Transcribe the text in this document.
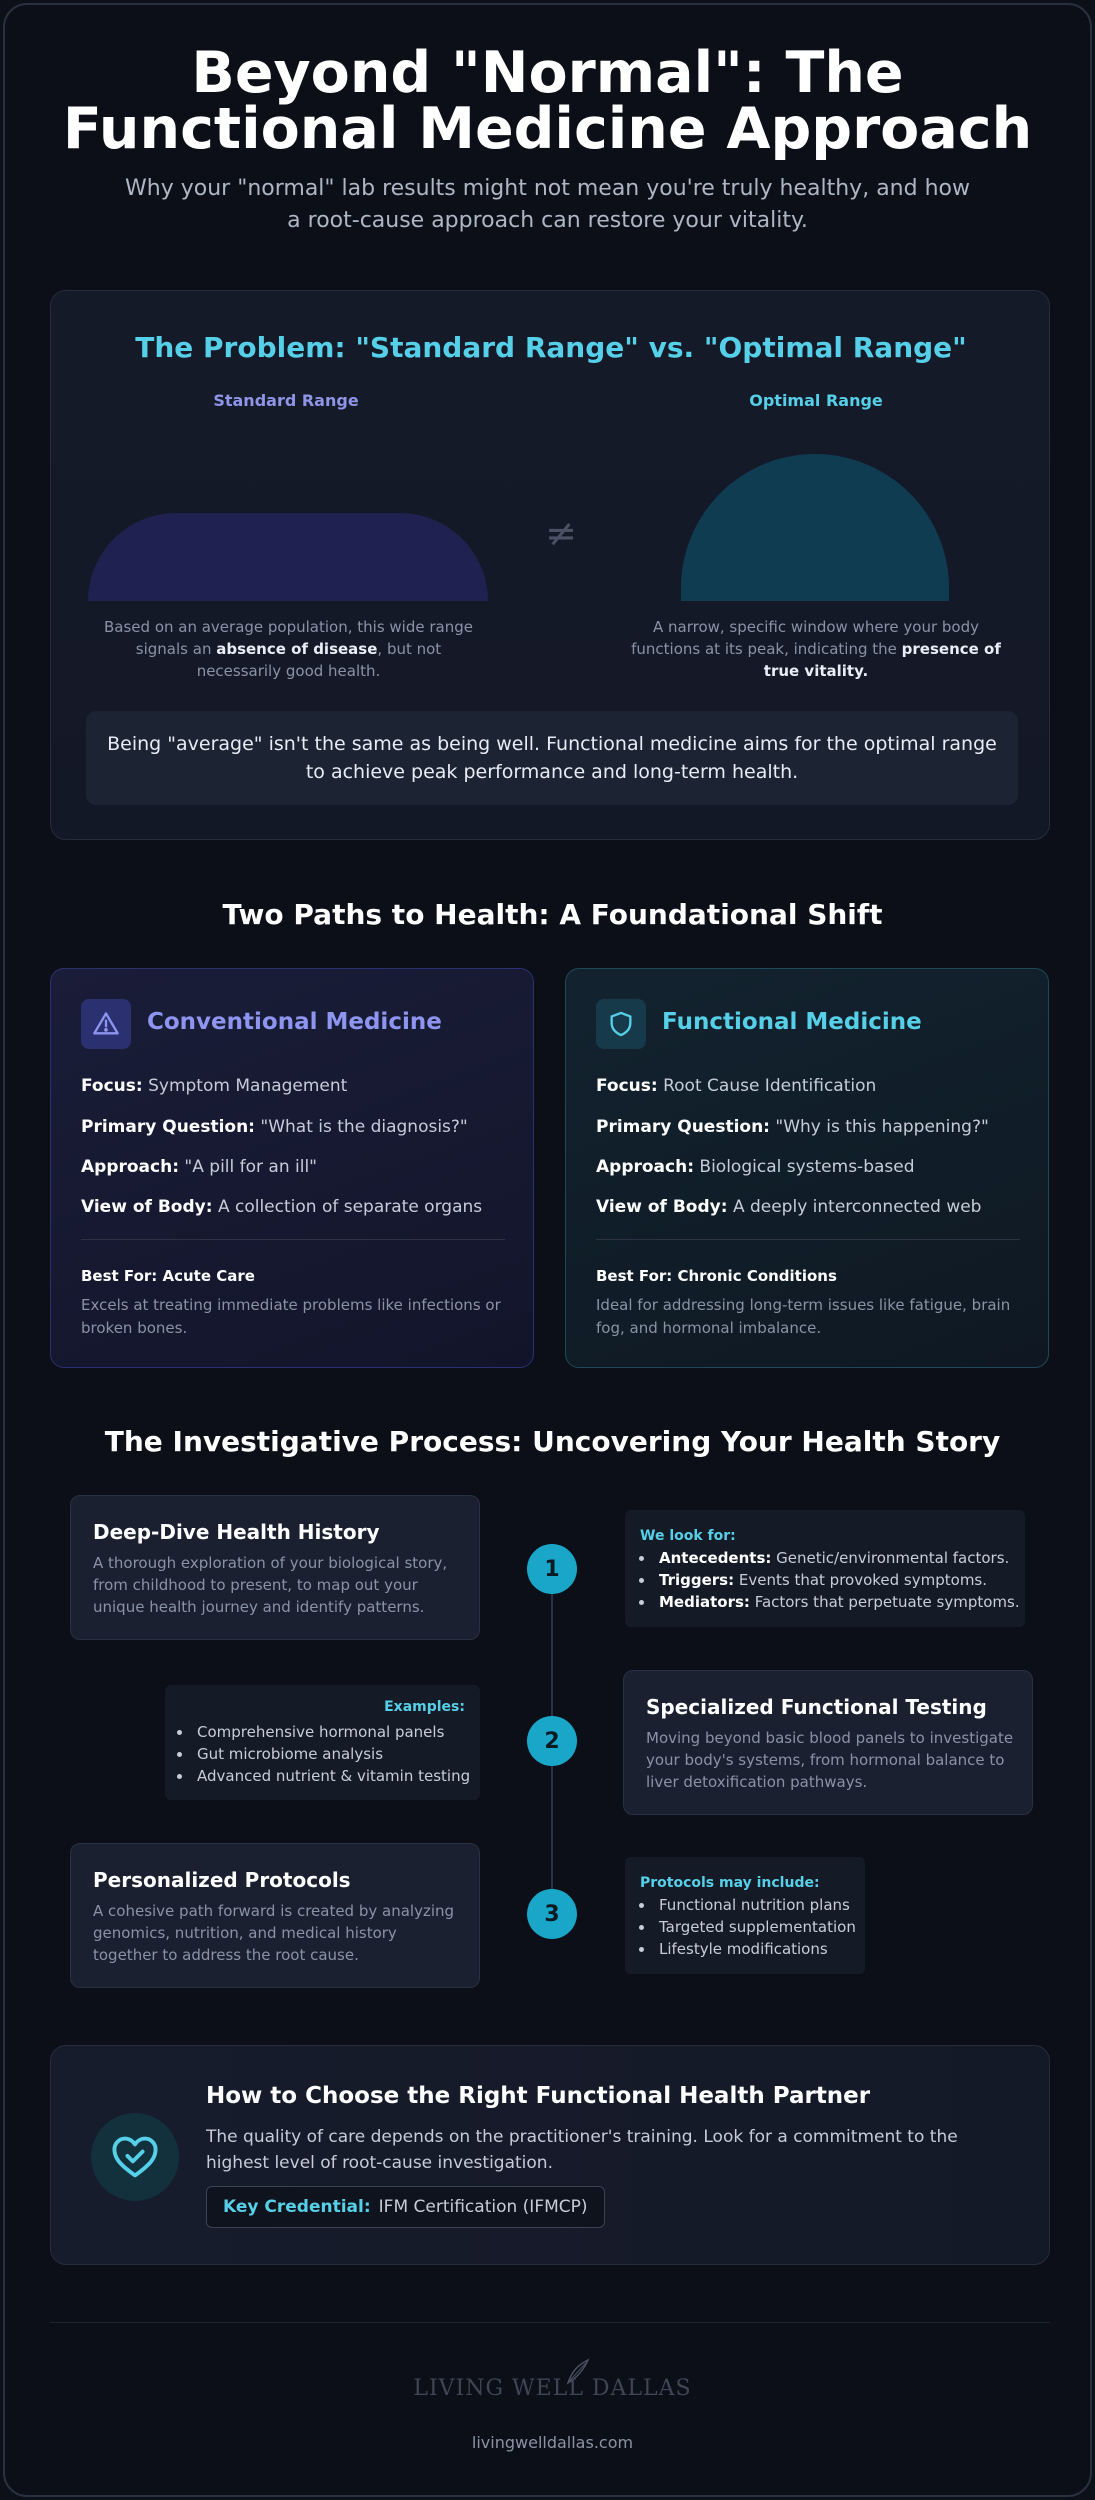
Beyond "Normal": The
Functional Medicine Approach
Why your "normal" lab results might not mean you're truly healthy, and how a root-cause approach can restore your vitality.
The Problem: "Standard Range" vs. "Optimal Range"
Standard Range	Optimal Range
≠
Based on an average population, this wide range signals an absence of disease, but not necessarily good health.
A narrow, specific window where your body functions at its peak, indicating the presence of true vitality.
Being "average" isn't the same as being well. Functional medicine aims for the optimal range to achieve peak performance and long-term health.
Two Paths to Health: A Foundational Shift
Conventional Medicine
Focus: Symptom Management
Primary Question: "What is the diagnosis?"
Approach: "A pill for an ill"
View of Body: A collection of separate organs
Best For: Acute Care
Excels at treating immediate problems like infections or broken bones.
Functional Medicine
Focus: Root Cause Identification
Primary Question: "Why is this happening?"
Approach: Biological systems-based
View of Body: A deeply interconnected web
Best For: Chronic Conditions
Ideal for addressing long-term issues like fatigue, brain fog, and hormonal imbalance.
The Investigative Process: Uncovering Your Health Story
Deep-Dive Health History
A thorough exploration of your biological story, from childhood to present, to map out your unique health journey and identify patterns.
1
We look for:
Antecedents: Genetic/environmental factors.
Triggers: Events that provoked symptoms.
Mediators: Factors that perpetuate symptoms.
Examples:
Comprehensive hormonal panels
Gut microbiome analysis
Advanced nutrient & vitamin testing
2
Specialized Functional Testing
Moving beyond basic blood panels to investigate your body's systems, from hormonal balance to liver detoxification pathways.
Personalized Protocols
A cohesive path forward is created by analyzing genomics, nutrition, and medical history together to address the root cause.
3
Protocols may include:
Functional nutrition plans
Targeted supplementation
Lifestyle modifications
How to Choose the Right Functional Health Partner
The quality of care depends on the practitioner's training. Look for a commitment to the highest level of root-cause investigation.
Key Credential: IFM Certification (IFMCP)
LIVING WELL DALLAS
livingwelldallas.com
